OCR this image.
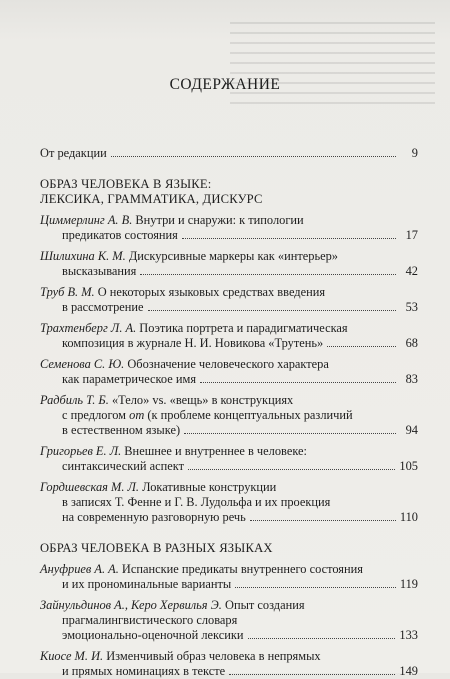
СОДЕРЖАНИЕ
От редакции	9
ОБРАЗ ЧЕЛОВЕКА В ЯЗЫКЕ:
ЛЕКСИКА, ГРАММАТИКА, ДИСКУРС
Циммерлинг А. В. Внутри и снаружи: к типологии
предикатов состояния	17
Шилихина К. М. Дискурсивные маркеры как «интерьер»
высказывания	42
Труб В. М. О некоторых языковых средствах введения
в рассмотрение	53
Трахтенберг Л. А. Поэтика портрета и парадигматическая
композиция в журнале Н. И. Новикова «Трутень»	68
Семенова С. Ю. Обозначение человеческого характера
как параметрическое имя	83
Радбиль Т. Б. «Тело» vs. «вещь» в конструкциях
с предлогом от (к проблеме концептуальных различий
в естественном языке)	94
Григорьев Е. Л. Внешнее и внутреннее в человеке:
синтаксический аспект	105
Гордшевская М. Л. Локативные конструкции
в записях Т. Фенне и Г. В. Лудольфа и их проекция
на современную разговорную речь	110
ОБРАЗ ЧЕЛОВЕКА В РАЗНЫХ ЯЗЫКАХ
Ануфриев А. А. Испанские предикаты внутреннего состояния
и их прономинальные варианты	119
Зайнульдинов А., Керо Хервилья Э. Опыт создания
прагмалингвистического словаря
эмоционально-оценочной лексики	133
Киосе М. И. Изменчивый образ человека в непрямых
и прямых номинациях в тексте	149
